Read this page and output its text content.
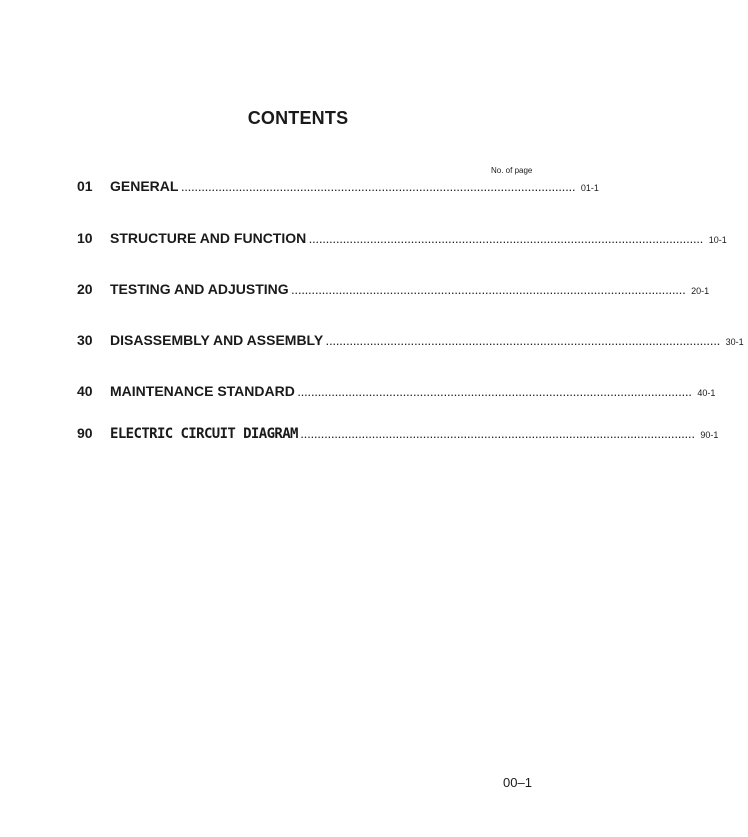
CONTENTS
No. of page
01	GENERAL .................................................................................................................... 01-1
10	STRUCTURE AND FUNCTION .................................................................................................................... 10-1
20	TESTING AND ADJUSTING .................................................................................................................... 20-1
30	DISASSEMBLY AND ASSEMBLY .................................................................................................................... 30-1
40	MAINTENANCE STANDARD .................................................................................................................... 40-1
90	ELECTRIC CIRCUIT DIAGRAM .................................................................................................................... 90-1
00–1
